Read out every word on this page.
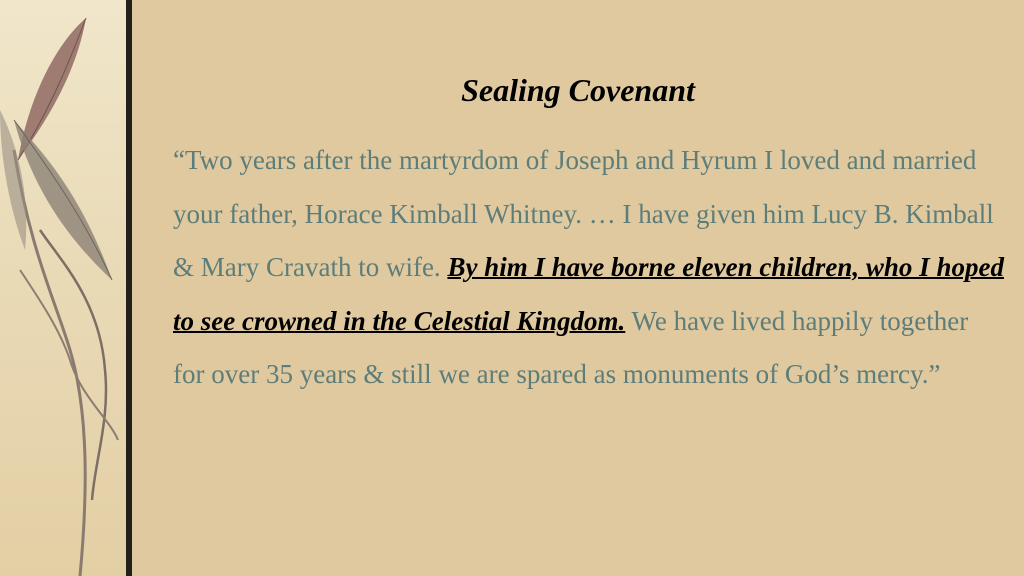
Sealing Covenant
“Two years after the martyrdom of Joseph and Hyrum I loved and married your father, Horace Kimball Whitney. … I have given him Lucy B. Kimball & Mary Cravath to wife. By him I have borne eleven children, who I hoped to see crowned in the Celestial Kingdom. We have lived happily together for over 35 years & still we are spared as monuments of God’s mercy.”
